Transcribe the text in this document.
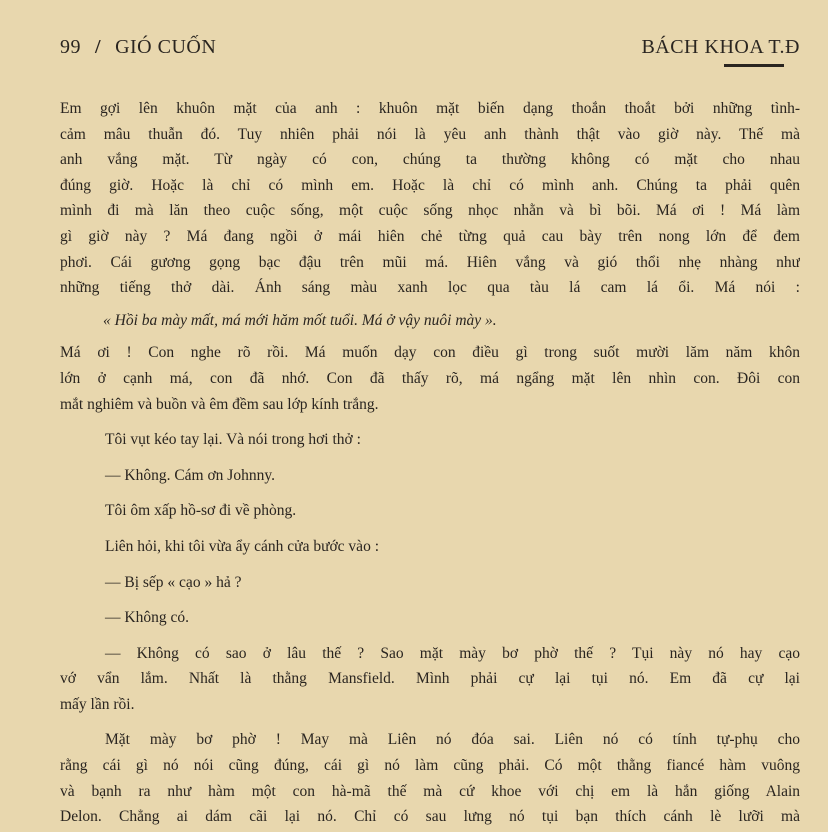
99 / GIÓ CUỐN	BÁCH KHOA T.Đ
Em gợi lên khuôn mặt của anh : khuôn mặt biến dạng thoắn thoắt bởi những tình-
cảm mâu thuẫn đó. Tuy nhiên phải nói là yêu anh thành thật vào giờ này. Thế mà
anh vắng mặt. Từ ngày có con, chúng ta thường không có mặt cho nhau
đúng giờ. Hoặc là chỉ có mình em. Hoặc là chỉ có mình anh. Chúng ta phải quên
mình đi mà lăn theo cuộc sống, một cuộc sống nhọc nhằn và bì bõi. Má ơi ! Má làm
gì giờ này ? Má đang ngồi ở mái hiên chẻ từng quả cau bày trên nong lớn để đem
phơi. Cái gương gọng bạc đậu trên mũi má. Hiên vắng và gió thổi nhẹ nhàng như
những tiếng thở dài. Ánh sáng màu xanh lọc qua tàu lá cam lá ổi. Má nói :
« Hồi ba mày mất, má mới hăm mốt tuổi. Má ở vậy nuôi mày ».
Má ơi ! Con nghe rõ rồi. Má muốn dạy con điều gì trong suốt mười lăm năm khôn
lớn ở cạnh má, con đã nhớ. Con đã thấy rõ, má ngẩng mặt lên nhìn con. Đôi con
mắt nghiêm và buồn và êm đềm sau lớp kính trắng.
Tôi vụt kéo tay lại. Và nói trong hơi thở :
— Không. Cám ơn Johnny.
Tôi ôm xấp hồ-sơ đi về phòng.
Liên hỏi, khi tôi vừa ẩy cánh cửa bước vào :
— Bị sếp « cạo » hả ?
— Không có.
— Không có sao ở lâu thế ? Sao mặt mày bơ phờ thế ? Tụi này nó hay cạo
vớ vẩn lắm. Nhất là thằng Mansfield. Mình phải cự lại tụi nó. Em đã cự lại
mấy lần rồi.
Mặt mày bơ phờ ! May mà Liên nó đóa sai. Liên nó có tính tự-phụ cho
rằng cái gì nó nói cũng đúng, cái gì nó làm cũng phải. Có một thằng fiancé hàm vuông
và bạnh ra như hàm một con hà-mã thế mà cứ khoe với chị em là hắn giống Alain
Delon. Chẳng ai dám cãi lại nó. Chỉ có sau lưng nó tụi bạn thích cánh lè lưỡi mà
